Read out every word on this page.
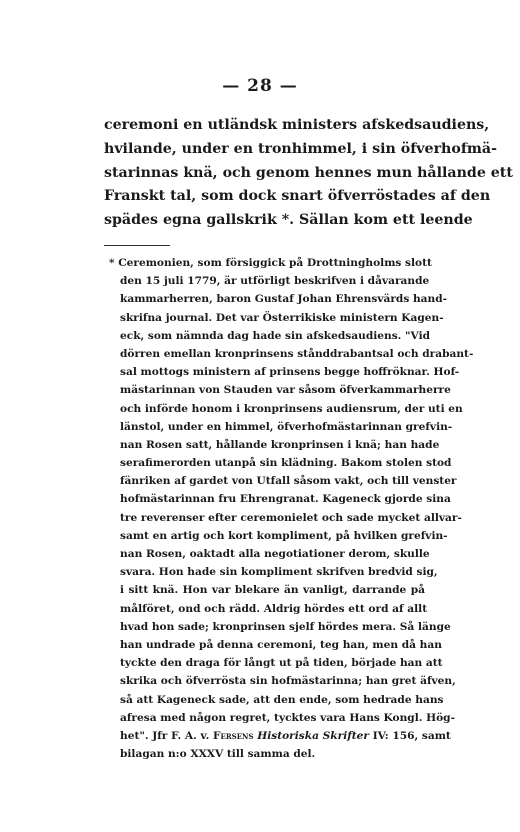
— 28 —
ceremoni en utländsk ministers afskedsaudiens,
hvilande, under en tronhimmel, i sin öfverhofmä-
starinnas knä, och genom hennes mun hållande ett
Franskt tal, som dock snart öfverröstades af den
spädes egna gallskrik *. Sällan kom ett leende
* Ceremonien, som försiggick på Drottningholms slott
den 15 juli 1779, är utförligt beskrifven i dåvarande
kammarherren, baron Gustaf Johan Ehrensvärds hand-
skrifna journal. Det var Österrikiske ministern Kagen-
eck, som nämnda dag hade sin afskedsaudiens. "Vid
dörren emellan kronprinsens stånddrabantsal och drabant-
sal mottogs ministern af prinsens begge hoffröknar. Hof-
mästarinnan von Stauden var såsom öfverkammarherre
och införde honom i kronprinsens audiensrum, der uti en
länstol, under en himmel, öfverhofmästarinnan grefvin-
nan Rosen satt, hållande kronprinsen i knä; han hade
serafimerorden utanpå sin klädning. Bakom stolen stod
fänriken af gardet von Utfall såsom vakt, och till venster
hofmästarinnan fru Ehrengranat. Kageneck gjorde sina
tre reverenser efter ceremonielet och sade mycket allvar-
samt en artig och kort kompliment, på hvilken grefvin-
nan Rosen, oaktadt alla negotiationer derom, skulle
svara. Hon hade sin kompliment skrifven bredvid sig,
i sitt knä. Hon var blekare än vanligt, darrande på
målföret, ond och rädd. Aldrig hördes ett ord af allt
hvad hon sade; kronprinsen sjelf hördes mera. Så länge
han undrade på denna ceremoni, teg han, men då han
tyckte den draga för långt ut på tiden, började han att
skrika och öfverrösta sin hofmästarinna; han gret äfven,
så att Kageneck sade, att den ende, som hedrade hans
afresa med någon regret, tycktes vara Hans Kongl. Hög-
het". Jfr F. A. v. Fersens Historiska Skrifter IV: 156, samt
bilagan n:o XXXV till samma del.
